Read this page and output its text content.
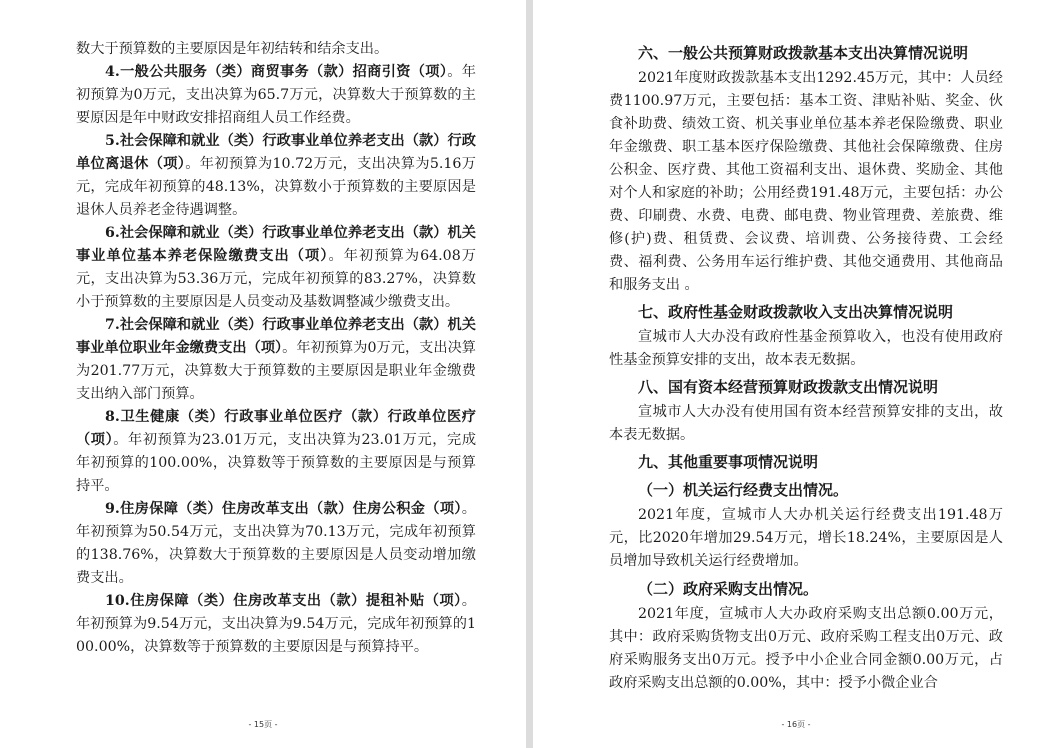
数大于预算数的主要原因是年初结转和结余支出。

4.一般公共服务（类）商贸事务（款）招商引资（项）。年初预算为0万元，支出决算为65.7万元，决算数大于预算数的主要原因是年中财政安排招商组人员工作经费。

5.社会保障和就业（类）行政事业单位养老支出（款）行政单位离退休（项）。年初预算为10.72万元，支出决算为5.16万元，完成年初预算的48.13%，决算数小于预算数的主要原因是退休人员养老金待遇调整。

6.社会保障和就业（类）行政事业单位养老支出（款）机关事业单位基本养老保险缴费支出（项）。年初预算为64.08万元，支出决算为53.36万元，完成年初预算的83.27%，决算数小于预算数的主要原因是人员变动及基数调整减少缴费支出。

7.社会保障和就业（类）行政事业单位养老支出（款）机关事业单位职业年金缴费支出（项）。年初预算为0万元，支出决算为201.77万元，决算数大于预算数的主要原因是职业年金缴费支出纳入部门预算。

8.卫生健康（类）行政事业单位医疗（款）行政单位医疗（项）。年初预算为23.01万元，支出决算为23.01万元，完成年初预算的100.00%，决算数等于预算数的主要原因是与预算持平。

9.住房保障（类）住房改革支出（款）住房公积金（项）。年初预算为50.54万元，支出决算为70.13万元，完成年初预算的138.76%，决算数大于预算数的主要原因是人员变动增加缴费支出。

10.住房保障（类）住房改革支出（款）提租补贴（项）。年初预算为9.54万元，支出决算为9.54万元，完成年初预算的100.00%，决算数等于预算数的主要原因是与预算持平。

- 15页 -
六、一般公共预算财政拨款基本支出决算情况说明

2021年度财政拨款基本支出1292.45万元，其中：人员经费1100.97万元，主要包括：基本工资、津贴补贴、奖金、伙食补助费、绩效工资、机关事业单位基本养老保险缴费、职业年金缴费、职工基本医疗保险缴费、其他社会保障缴费、住房公积金、医疗费、其他工资福利支出、退休费、奖励金、其他对个人和家庭的补助；公用经费191.48万元，主要包括：办公费、印刷费、水费、电费、邮电费、物业管理费、差旅费、维修(护)费、租赁费、会议费、培训费、公务接待费、工会经费、福利费、公务用车运行维护费、其他交通费用、其他商品和服务支出 。

七、政府性基金财政拨款收入支出决算情况说明

宣城市人大办没有政府性基金预算收入，也没有使用政府性基金预算安排的支出，故本表无数据。

八、国有资本经营预算财政拨款支出情况说明

宣城市人大办没有使用国有资本经营预算安排的支出，故本表无数据。

九、其他重要事项情况说明
（一）机关运行经费支出情况。

2021年度，宣城市人大办机关运行经费支出191.48万元，比2020年增加29.54万元，增长18.24%，主要原因是人员增加导致机关运行经费增加。

（二）政府采购支出情况。

2021年度，宣城市人大办政府采购支出总额0.00万元，其中：政府采购货物支出0万元、政府采购工程支出0万元、政府采购服务支出0万元。授予中小企业合同金额0.00万元，占政府采购支出总额的0.00%，其中：授予小微企业合

- 16页 -
